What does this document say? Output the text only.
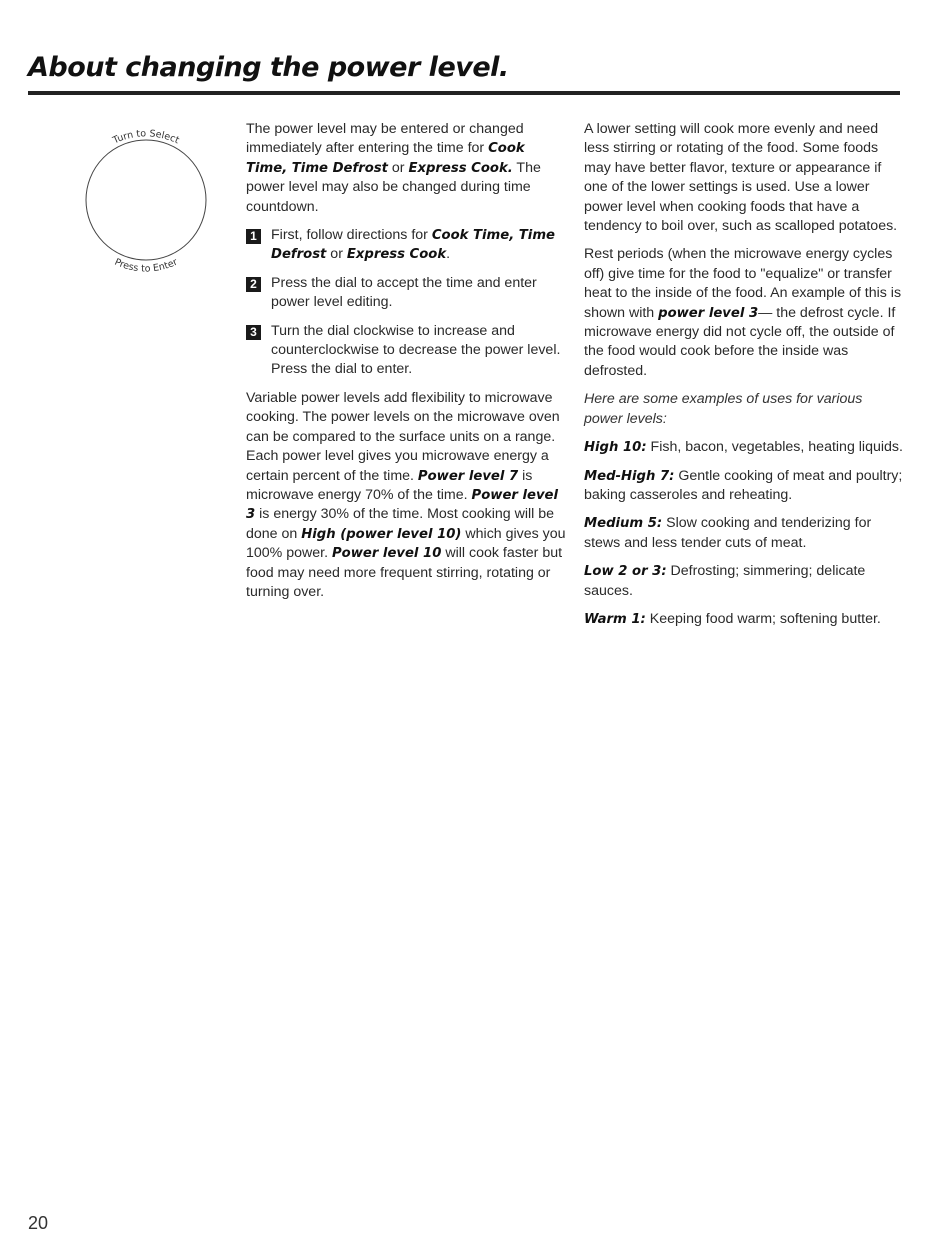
About changing the power level.
Turn to Select
Press to Enter

The power level may be entered or changed immediately after entering the time for Cook Time, Time Defrost or Express Cook. The power level may also be changed during time countdown.

1 First, follow directions for Cook Time, Time Defrost or Express Cook.
2 Press the dial to accept the time and enter power level editing.
3 Turn the dial clockwise to increase and counterclockwise to decrease the power level. Press the dial to enter.

Variable power levels add flexibility to microwave cooking. The power levels on the microwave oven can be compared to the surface units on a range. Each power level gives you microwave energy a certain percent of the time. Power level 7 is microwave energy 70% of the time. Power level 3 is energy 30% of the time. Most cooking will be done on High (power level 10) which gives you 100% power. Power level 10 will cook faster but food may need more frequent stirring, rotating or turning over.

A lower setting will cook more evenly and need less stirring or rotating of the food. Some foods may have better flavor, texture or appearance if one of the lower settings is used. Use a lower power level when cooking foods that have a tendency to boil over, such as scalloped potatoes.

Rest periods (when the microwave energy cycles off) give time for the food to "equalize" or transfer heat to the inside of the food. An example of this is shown with power level 3— the defrost cycle. If microwave energy did not cycle off, the outside of the food would cook before the inside was defrosted.

Here are some examples of uses for various power levels:

High 10: Fish, bacon, vegetables, heating liquids.

Med-High 7: Gentle cooking of meat and poultry; baking casseroles and reheating.

Medium 5: Slow cooking and tenderizing for stews and less tender cuts of meat.

Low 2 or 3: Defrosting; simmering; delicate sauces.

Warm 1: Keeping food warm; softening butter.

20
